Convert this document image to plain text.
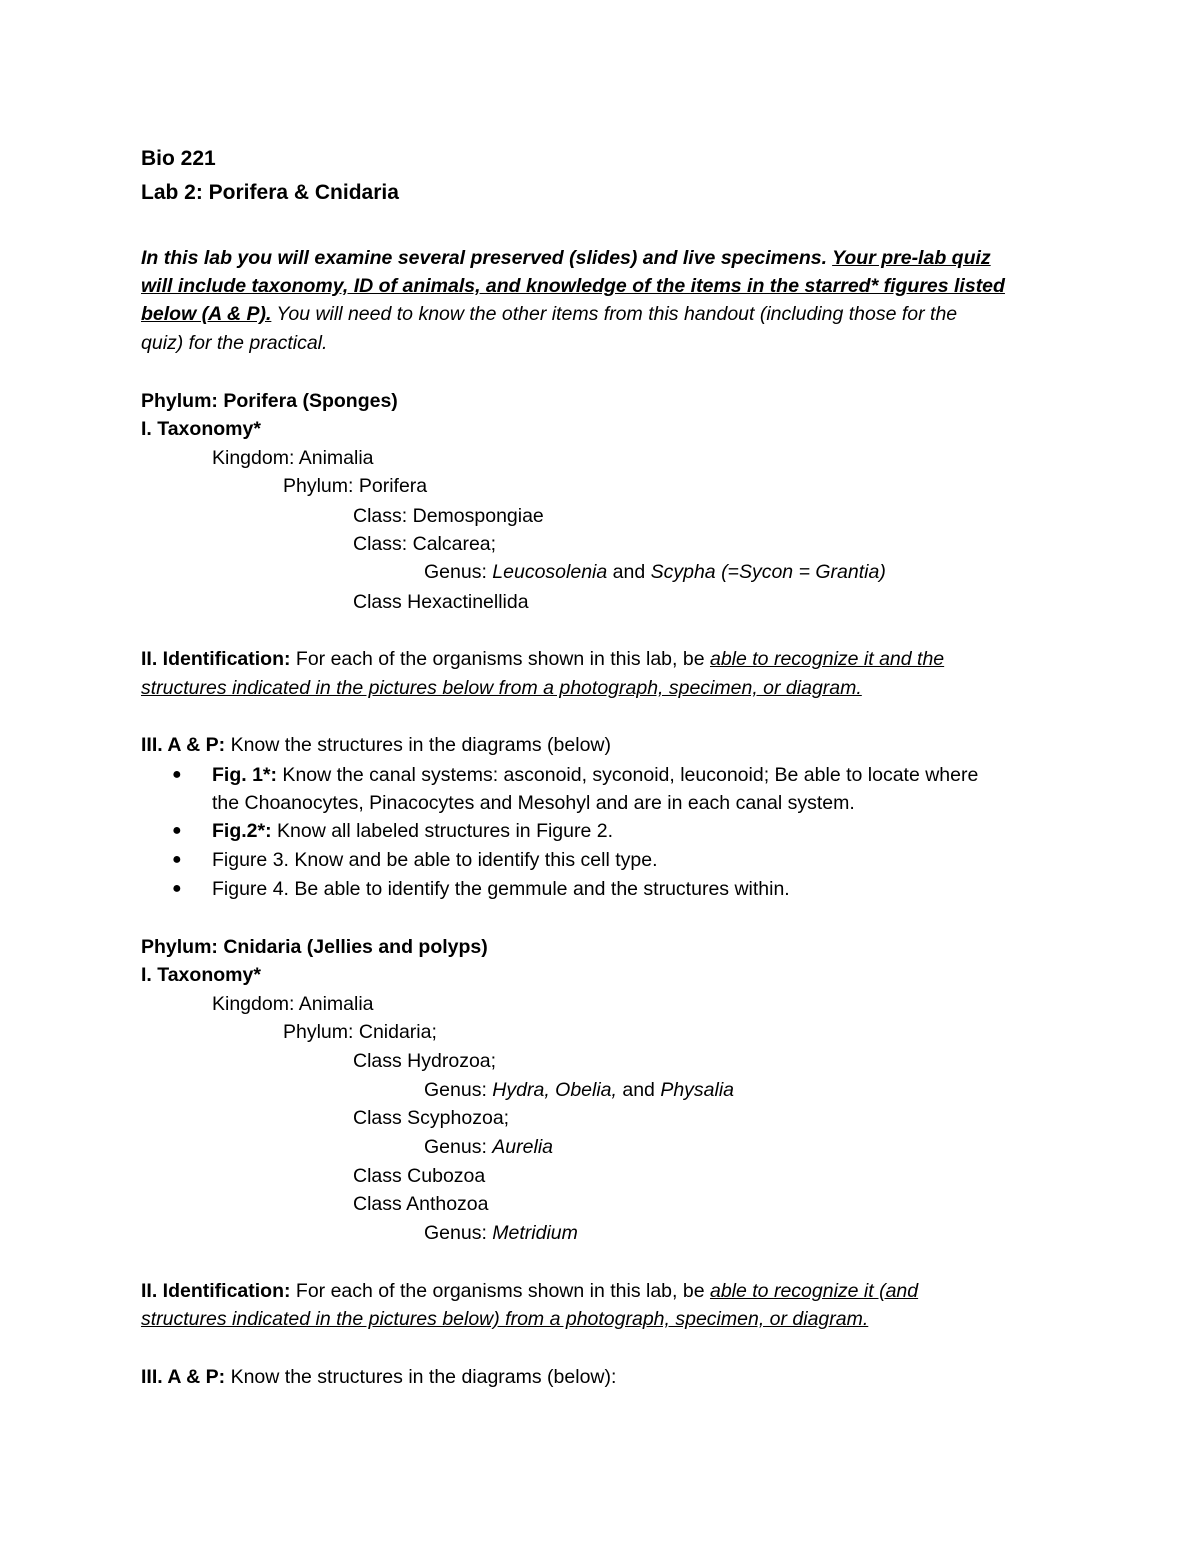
Bio 221
Lab 2: Porifera & Cnidaria
In this lab you will examine several preserved (slides) and live specimens. Your pre-lab quiz
will include taxonomy, ID of animals, and knowledge of the items in the starred* figures listed
below (A & P). You will need to know the other items from this handout (including those for the
quiz) for the practical.
Phylum: Porifera (Sponges)
I. Taxonomy*
Kingdom: Animalia
Phylum: Porifera
Class: Demospongiae
Class: Calcarea;
Genus: Leucosolenia and Scypha (=Sycon = Grantia)
Class Hexactinellida
II. Identification: For each of the organisms shown in this lab, be able to recognize it and the
structures indicated in the pictures below from a photograph, specimen, or diagram.
III. A & P: Know the structures in the diagrams (below)
● Fig. 1*: Know the canal systems: asconoid, syconoid, leuconoid; Be able to locate where
the Choanocytes, Pinacocytes and Mesohyl and are in each canal system.
● Fig.2*: Know all labeled structures in Figure 2.
● Figure 3. Know and be able to identify this cell type.
● Figure 4. Be able to identify the gemmule and the structures within.
Phylum: Cnidaria (Jellies and polyps)
I. Taxonomy*
Kingdom: Animalia
Phylum: Cnidaria;
Class Hydrozoa;
Genus: Hydra, Obelia, and Physalia
Class Scyphozoa;
Genus: Aurelia
Class Cubozoa
Class Anthozoa
Genus: Metridium
II. Identification: For each of the organisms shown in this lab, be able to recognize it (and
structures indicated in the pictures below) from a photograph, specimen, or diagram.
III. A & P: Know the structures in the diagrams (below):
